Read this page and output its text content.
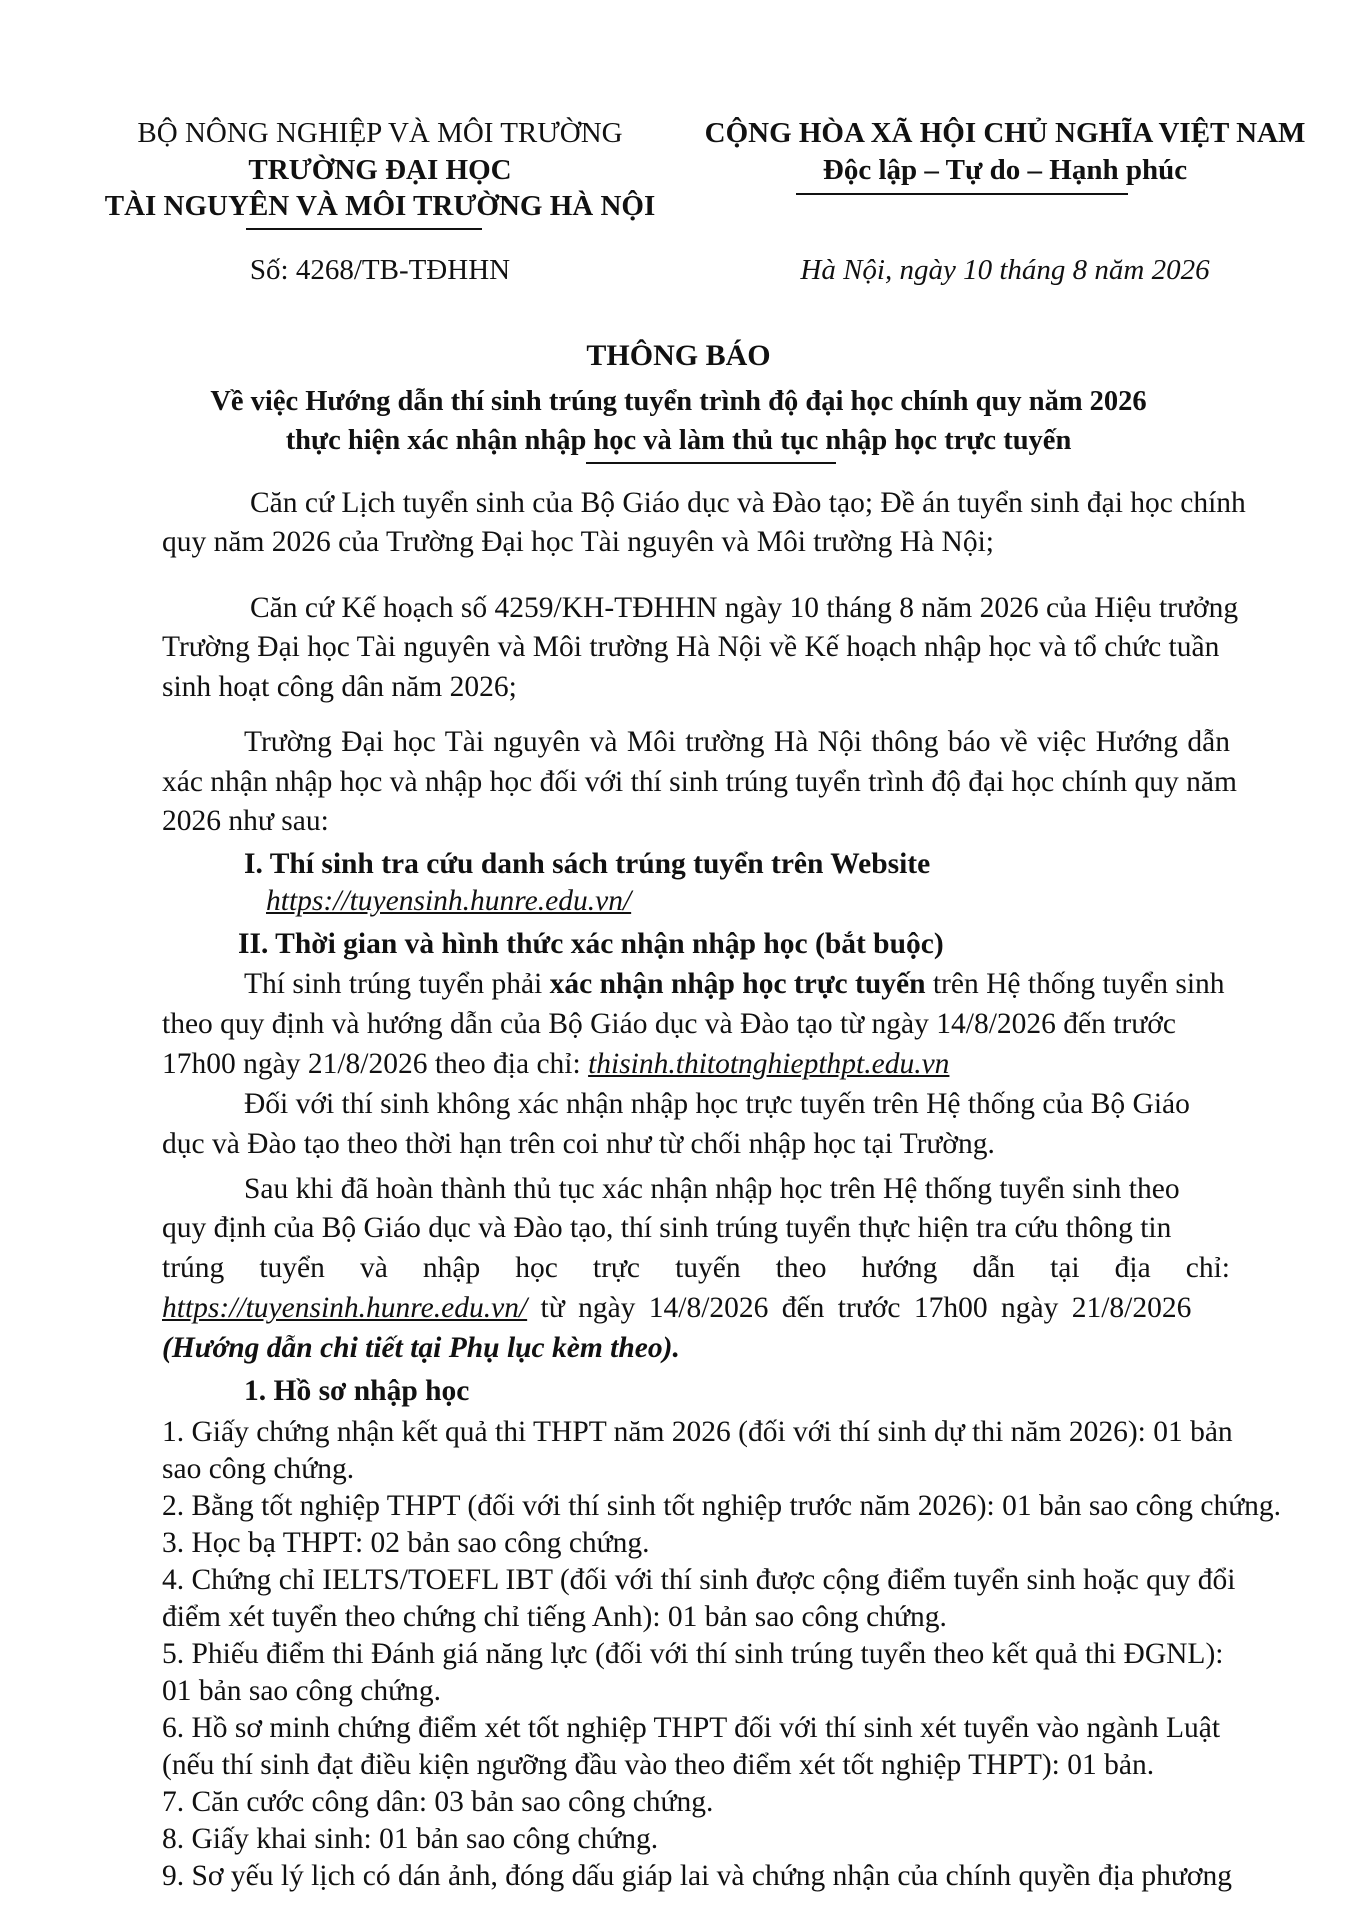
BỘ NÔNG NGHIỆP VÀ MÔI TRƯỜNG
TRƯỜNG ĐẠI HỌC
TÀI NGUYÊN VÀ MÔI TRƯỜNG HÀ NỘI
Số: 4268/TB-TĐHHN
CỘNG HÒA XÃ HỘI CHỦ NGHĨA VIỆT NAM
Độc lập – Tự do – Hạnh phúc
Hà Nội, ngày 10 tháng 8 năm 2026
THÔNG BÁO
Về việc Hướng dẫn thí sinh trúng tuyển trình độ đại học chính quy năm 2026
thực hiện xác nhận nhập học và làm thủ tục nhập học trực tuyến
Căn cứ Lịch tuyển sinh của Bộ Giáo dục và Đào tạo; Đề án tuyển sinh đại học chính
quy năm 2026 của Trường Đại học Tài nguyên và Môi trường Hà Nội;
Căn cứ Kế hoạch số 4259/KH-TĐHHN ngày 10 tháng 8 năm 2026 của Hiệu trưởng
Trường Đại học Tài nguyên và Môi trường Hà Nội về Kế hoạch nhập học và tổ chức tuần
sinh hoạt công dân năm 2026;
Trường Đại học Tài nguyên và Môi trường Hà Nội thông báo về việc Hướng dẫn
xác nhận nhập học và nhập học đối với thí sinh trúng tuyển trình độ đại học chính quy năm
2026 như sau:
I. Thí sinh tra cứu danh sách trúng tuyển trên Website
https://tuyensinh.hunre.edu.vn/
II. Thời gian và hình thức xác nhận nhập học (bắt buộc)
Thí sinh trúng tuyển phải xác nhận nhập học trực tuyến trên Hệ thống tuyển sinh
theo quy định và hướng dẫn của Bộ Giáo dục và Đào tạo từ ngày 14/8/2026 đến trước
17h00 ngày 21/8/2026 theo địa chỉ: thisinh.thitotnghiepthpt.edu.vn
Đối với thí sinh không xác nhận nhập học trực tuyến trên Hệ thống của Bộ Giáo
dục và Đào tạo theo thời hạn trên coi như từ chối nhập học tại Trường.
Sau khi đã hoàn thành thủ tục xác nhận nhập học trên Hệ thống tuyển sinh theo
quy định của Bộ Giáo dục và Đào tạo, thí sinh trúng tuyển thực hiện tra cứu thông tin
trúng tuyển và nhập học trực tuyến theo hướng dẫn tại địa chỉ:
https://tuyensinh.hunre.edu.vn/ từ ngày 14/8/2026 đến trước 17h00 ngày 21/8/2026
(Hướng dẫn chi tiết tại Phụ lục kèm theo).
1. Hồ sơ nhập học
1. Giấy chứng nhận kết quả thi THPT năm 2026 (đối với thí sinh dự thi năm 2026): 01 bản
sao công chứng.
2. Bằng tốt nghiệp THPT (đối với thí sinh tốt nghiệp trước năm 2026): 01 bản sao công chứng.
3. Học bạ THPT: 02 bản sao công chứng.
4. Chứng chỉ IELTS/TOEFL IBT (đối với thí sinh được cộng điểm tuyển sinh hoặc quy đổi
điểm xét tuyển theo chứng chỉ tiếng Anh): 01 bản sao công chứng.
5. Phiếu điểm thi Đánh giá năng lực (đối với thí sinh trúng tuyển theo kết quả thi ĐGNL):
01 bản sao công chứng.
6. Hồ sơ minh chứng điểm xét tốt nghiệp THPT đối với thí sinh xét tuyển vào ngành Luật
(nếu thí sinh đạt điều kiện ngưỡng đầu vào theo điểm xét tốt nghiệp THPT): 01 bản.
7. Căn cước công dân: 03 bản sao công chứng.
8. Giấy khai sinh: 01 bản sao công chứng.
9. Sơ yếu lý lịch có dán ảnh, đóng dấu giáp lai và chứng nhận của chính quyền địa phương
